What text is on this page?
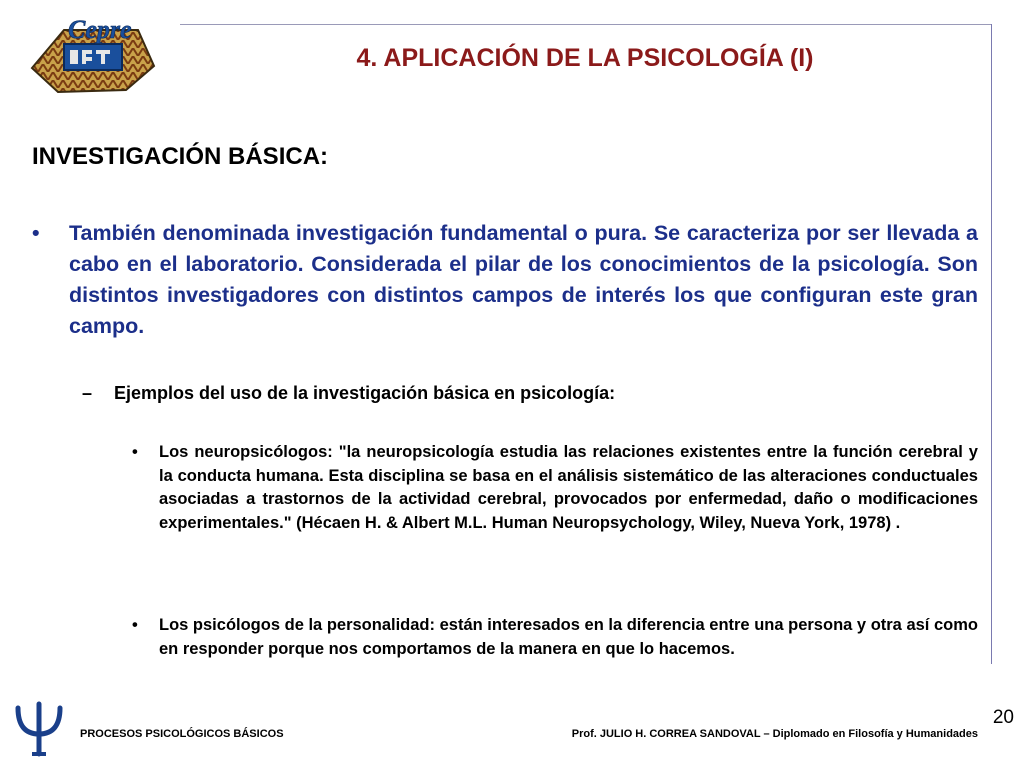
Cepre
4. APLICACIÓN DE LA PSICOLOGÍA (I)
INVESTIGACIÓN BÁSICA:
• También denominada investigación fundamental o pura. Se caracteriza por ser llevada a cabo en el laboratorio. Considerada el pilar de los conocimientos de la psicología. Son distintos investigadores con distintos campos de interés los que configuran este gran campo.
– Ejemplos del uso de la investigación básica en psicología:
• Los neuropsicólogos: "la neuropsicología estudia las relaciones existentes entre la función cerebral y la conducta humana. Esta disciplina se basa en el análisis sistemático de las alteraciones conductuales asociadas a trastornos de la actividad cerebral, provocados por enfermedad, daño o modificaciones experimentales." (Hécaen H. & Albert M.L. Human Neuropsychology, Wiley, Nueva York, 1978) .
• Los psicólogos de la personalidad: están interesados en la diferencia entre una persona y otra así como en responder porque nos comportamos de la manera en que lo hacemos.
PROCESOS PSICOLÓGICOS BÁSICOS	Prof. JULIO H. CORREA SANDOVAL – Diplomado en Filosofía y Humanidades
20
